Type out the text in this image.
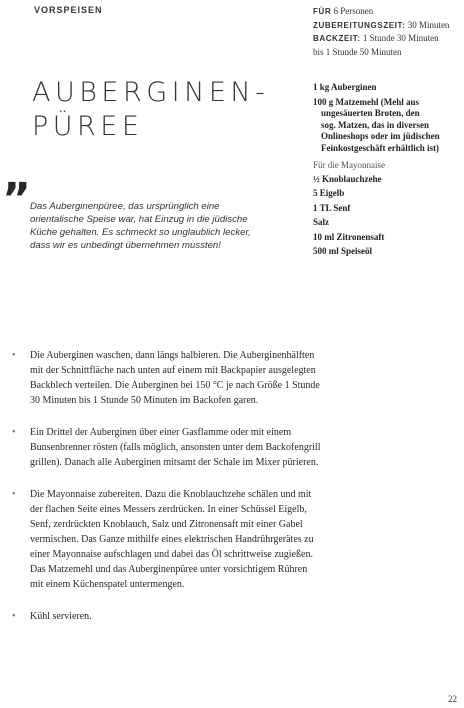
VORSPEISEN	FÜR 6 Personen
ZUBEREITUNGSZEIT: 30 Minuten
BACKZEIT: 1 Stunde 30 Minuten
bis 1 Stunde 50 Minuten
AUBERGINEN-
PÜREE
1 kg Auberginen
100 g Matzemehl (Mehl aus
ungesäuerten Broten, den
sog. Matzen, das in diversen
Onlineshops oder im jüdischen
Feinkostgeschäft erhältlich ist)
Für die Mayonnaise
½ Knoblauchzehe
5 Eigelb
1 TL Senf
Salz
10 ml Zitronensaft
500 ml Speiseöl
” Das Auberginenpüree, das ursprünglich eine
orientalische Speise war, hat Einzug in die jüdische
Küche gehalten. Es schmeckt so unglaublich lecker,
dass wir es unbedingt übernehmen mussten!
• Die Auberginen waschen, dann längs halbieren. Die Auberginenhälften
mit der Schnittfläche nach unten auf einem mit Backpapier ausgelegten
Backblech verteilen. Die Auberginen bei 150 °C je nach Größe 1 Stunde
30 Minuten bis 1 Stunde 50 Minuten im Backofen garen.
• Ein Drittel der Auberginen über einer Gasflamme oder mit einem
Bunsenbrenner rösten (falls möglich, ansonsten unter dem Backofengrill
grillen). Danach alle Auberginen mitsamt der Schale im Mixer pürieren.
• Die Mayonnaise zubereiten. Dazu die Knoblauchzehe schälen und mit
der flachen Seite eines Messers zerdrücken. In einer Schüssel Eigelb,
Senf, zerdrückten Knoblauch, Salz und Zitronensaft mit einer Gabel
vermischen. Das Ganze mithilfe eines elektrischen Handrührgerätes zu
einer Mayonnaise aufschlagen und dabei das Öl schrittweise zugießen.
Das Matzemehl und das Auberginenpüree unter vorsichtigem Rühren
mit einem Küchenspatel untermengen.
• Kühl servieren.
22
